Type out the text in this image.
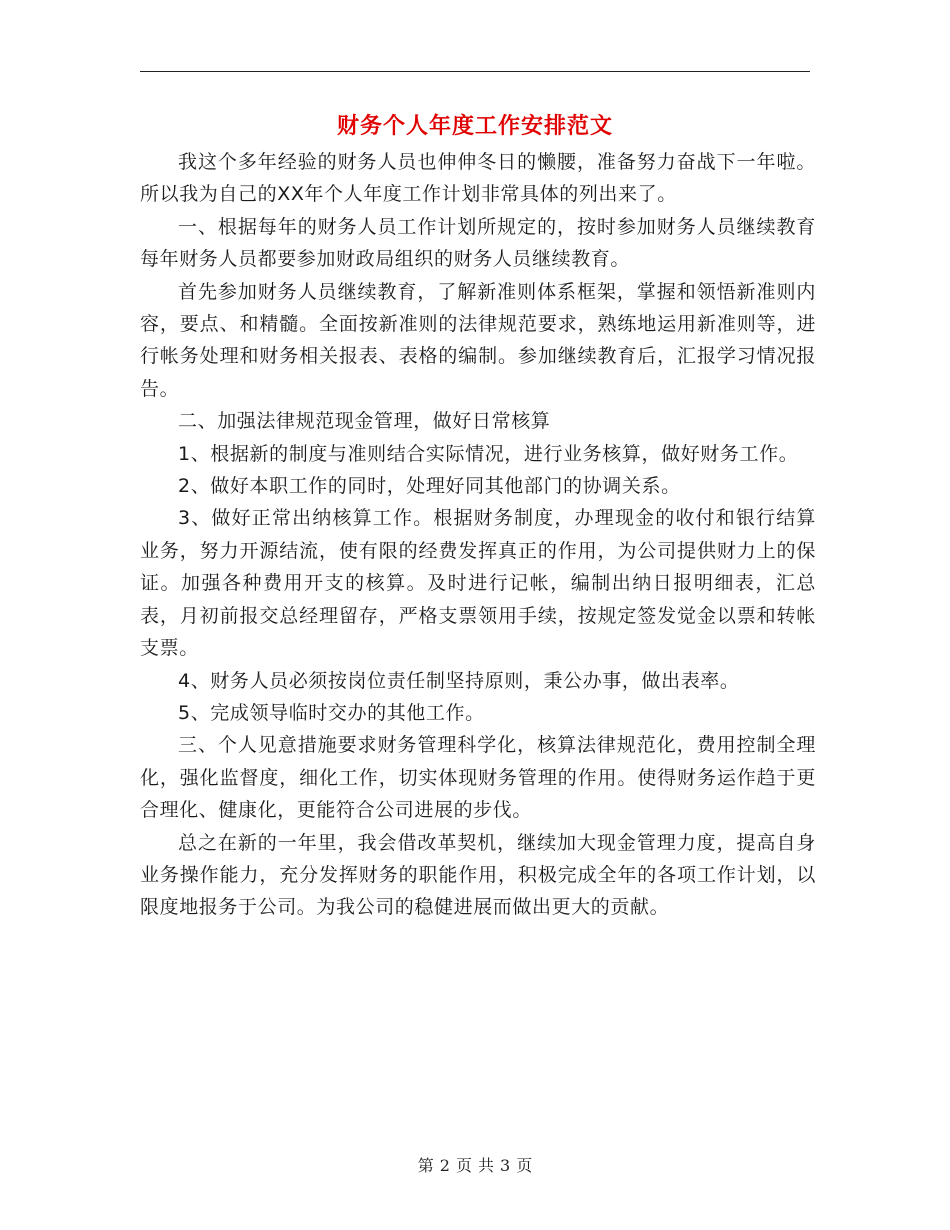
财务个人年度工作安排范文

我这个多年经验的财务人员也伸伸冬日的懒腰，准备努力奋战下一年啦。所以我为自己的XX年个人年度工作计划非常具体的列出来了。

一、根据每年的财务人员工作计划所规定的，按时参加财务人员继续教育每年财务人员都要参加财政局组织的财务人员继续教育。

首先参加财务人员继续教育，了解新准则体系框架，掌握和领悟新准则内容，要点、和精髓。全面按新准则的法律规范要求，熟练地运用新准则等，进行帐务处理和财务相关报表、表格的编制。参加继续教育后，汇报学习情况报告。

二、加强法律规范现金管理，做好日常核算

1、根据新的制度与准则结合实际情况，进行业务核算，做好财务工作。

2、做好本职工作的同时，处理好同其他部门的协调关系。

3、做好正常出纳核算工作。根据财务制度，办理现金的收付和银行结算业务，努力开源结流，使有限的经费发挥真正的作用，为公司提供财力上的保证。加强各种费用开支的核算。及时进行记帐，编制出纳日报明细表，汇总表，月初前报交总经理留存，严格支票领用手续，按规定签发觉金以票和转帐支票。

4、财务人员必须按岗位责任制坚持原则，秉公办事，做出表率。

5、完成领导临时交办的其他工作。

三、个人见意措施要求财务管理科学化，核算法律规范化，费用控制全理化，强化监督度，细化工作，切实体现财务管理的作用。使得财务运作趋于更合理化、健康化，更能符合公司进展的步伐。

总之在新的一年里，我会借改革契机，继续加大现金管理力度，提高自身业务操作能力，充分发挥财务的职能作用，积极完成全年的各项工作计划，以限度地报务于公司。为我公司的稳健进展而做出更大的贡献。

第 2 页 共 3 页
